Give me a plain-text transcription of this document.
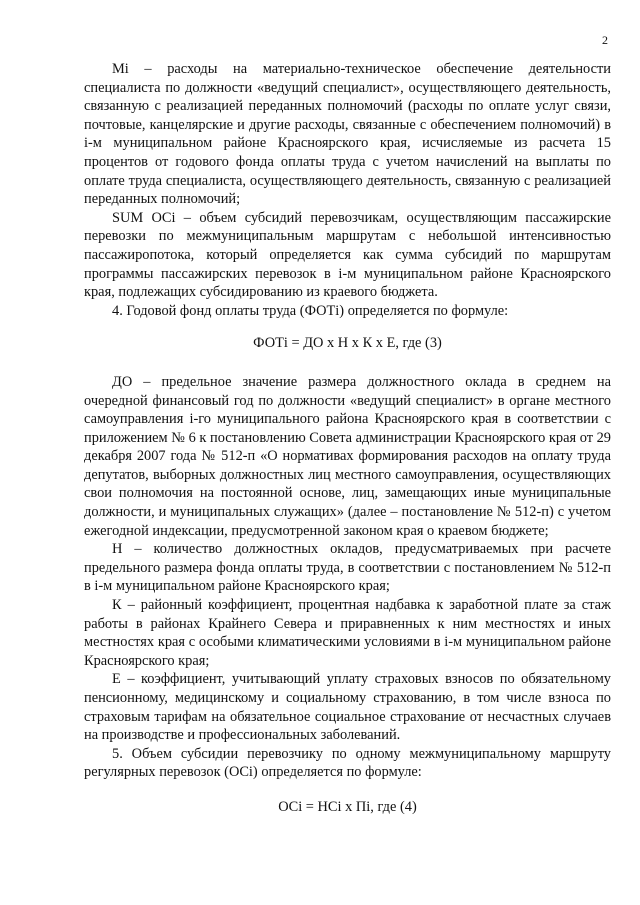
2

Mi – расходы на материально-техническое обеспечение деятельности специалиста по должности «ведущий специалист», осуществляющего деятельность, связанную с реализацией переданных полномочий (расходы по оплате услуг связи, почтовые, канцелярские и другие расходы, связанные с обеспечением полномочий) в i-м муниципальном районе Красноярского края, исчисляемые из расчета 15 процентов от годового фонда оплаты труда с учетом начислений на выплаты по оплате труда специалиста, осуществляющего деятельность, связанную с реализацией переданных полномочий;

SUM OCi – объем субсидий перевозчикам, осуществляющим пассажирские перевозки по межмуниципальным маршрутам с небольшой интенсивностью пассажиропотока, который определяется как сумма субсидий по маршрутам программы пассажирских перевозок в i-м муниципальном районе Красноярского края, подлежащих субсидированию из краевого бюджета.

4. Годовой фонд оплаты труда (ФОТi) определяется по формуле:

ФОТi = ДО х Н х К х Е, где (3)

ДО – предельное значение размера должностного оклада в среднем на очередной финансовый год по должности «ведущий специалист» в органе местного самоуправления i-го муниципального района Красноярского края в соответствии с приложением № 6 к постановлению Совета администрации Красноярского края от 29 декабря 2007 года № 512-п «О нормативах формирования расходов на оплату труда депутатов, выборных должностных лиц местного самоуправления, осуществляющих свои полномочия на постоянной основе, лиц, замещающих иные муниципальные должности, и муниципальных служащих» (далее – постановление № 512-п) с учетом ежегодной индексации, предусмотренной законом края о краевом бюджете;

Н – количество должностных окладов, предусматриваемых при расчете предельного размера фонда оплаты труда, в соответствии с постановлением № 512-п в i-м муниципальном районе Красноярского края;

К – районный коэффициент, процентная надбавка к заработной плате за стаж работы в районах Крайнего Севера и приравненных к ним местностях и иных местностях края с особыми климатическими условиями в i-м муниципальном районе Красноярского края;

Е – коэффициент, учитывающий уплату страховых взносов по обязательному пенсионному, медицинскому и социальному страхованию, в том числе взноса по страховым тарифам на обязательное социальное страхование от несчастных случаев на производстве и профессиональных заболеваний.

5. Объем субсидии перевозчику по одному межмуниципальному маршруту регулярных перевозок (OCi) определяется по формуле:

OCi = HCi х Пi, где (4)
